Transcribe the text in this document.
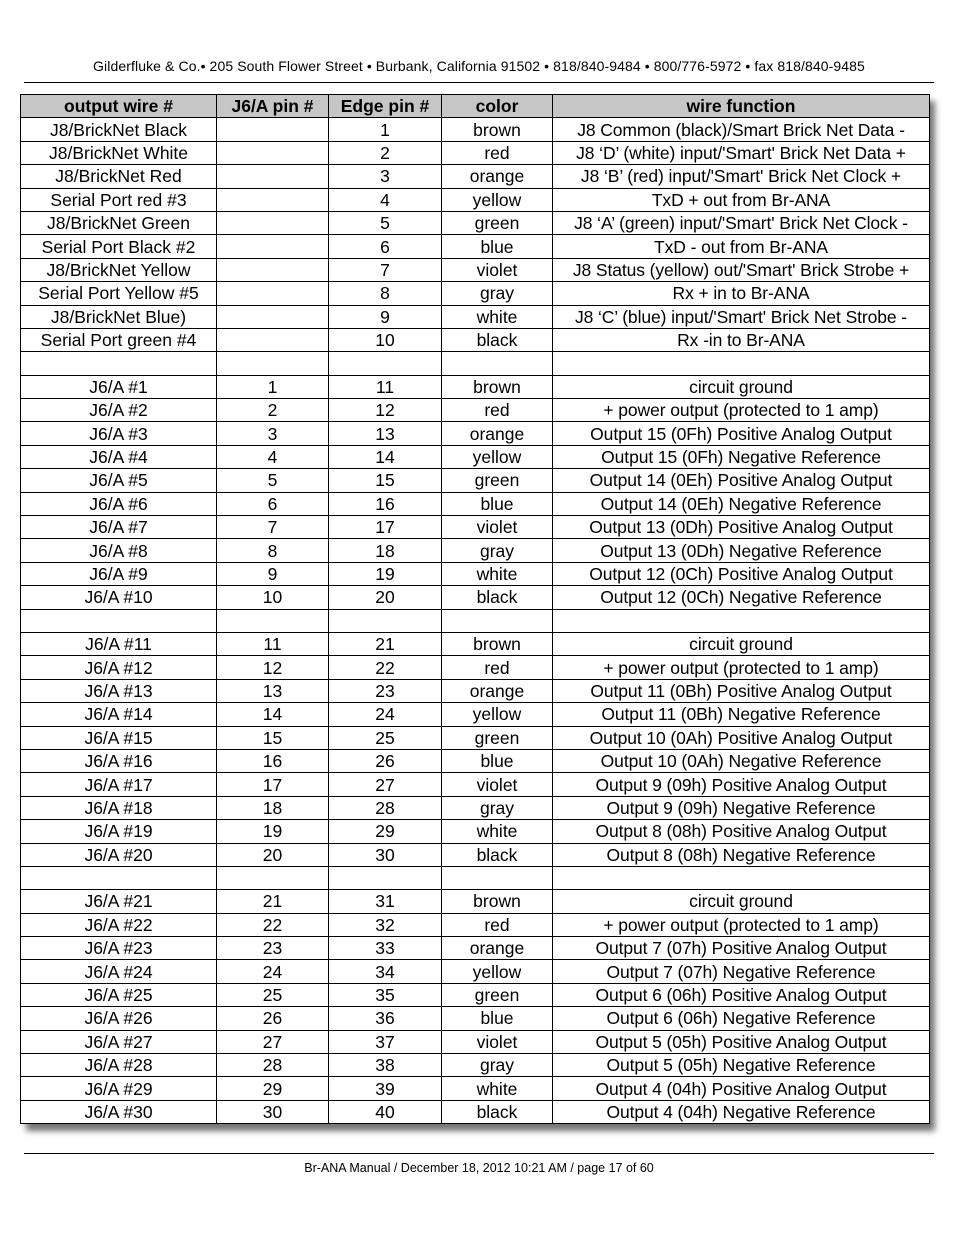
Gilderfluke & Co.• 205 South Flower Street • Burbank, California 91502 • 818/840-9484 • 800/776-5972 • fax 818/840-9485
output wire #	J6/A pin #	Edge pin #	color	wire function
J8/BrickNet Black		1	brown	J8 Common (black)/Smart Brick Net Data -
J8/BrickNet White		2	red	J8 ‘D’ (white) input/'Smart' Brick Net Data +
J8/BrickNet Red		3	orange	J8 ‘B’ (red) input/'Smart' Brick Net Clock +
Serial Port red #3		4	yellow	TxD + out from Br-ANA
J8/BrickNet Green		5	green	J8 ‘A’ (green) input/'Smart' Brick Net Clock -
Serial Port Black #2		6	blue	TxD - out from Br-ANA
J8/BrickNet Yellow		7	violet	J8 Status (yellow) out/'Smart' Brick Strobe +
Serial Port Yellow #5		8	gray	Rx + in to Br-ANA
J8/BrickNet Blue)		9	white	J8 ‘C’ (blue) input/'Smart' Brick Net Strobe -
Serial Port green #4		10	black	Rx -in to Br-ANA

J6/A #1	1	11	brown	circuit ground
J6/A #2	2	12	red	+ power output (protected to 1 amp)
J6/A #3	3	13	orange	Output 15 (0Fh) Positive Analog Output
J6/A #4	4	14	yellow	Output 15 (0Fh) Negative Reference
J6/A #5	5	15	green	Output 14 (0Eh) Positive Analog Output
J6/A #6	6	16	blue	Output 14 (0Eh) Negative Reference
J6/A #7	7	17	violet	Output 13 (0Dh) Positive Analog Output
J6/A #8	8	18	gray	Output 13 (0Dh) Negative Reference
J6/A #9	9	19	white	Output 12 (0Ch) Positive Analog Output
J6/A #10	10	20	black	Output 12 (0Ch) Negative Reference

J6/A #11	11	21	brown	circuit ground
J6/A #12	12	22	red	+ power output (protected to 1 amp)
J6/A #13	13	23	orange	Output 11 (0Bh) Positive Analog Output
J6/A #14	14	24	yellow	Output 11 (0Bh) Negative Reference
J6/A #15	15	25	green	Output 10 (0Ah) Positive Analog Output
J6/A #16	16	26	blue	Output 10 (0Ah) Negative Reference
J6/A #17	17	27	violet	Output 9 (09h) Positive Analog Output
J6/A #18	18	28	gray	Output 9 (09h) Negative Reference
J6/A #19	19	29	white	Output 8 (08h) Positive Analog Output
J6/A #20	20	30	black	Output 8 (08h) Negative Reference

J6/A #21	21	31	brown	circuit ground
J6/A #22	22	32	red	+ power output (protected to 1 amp)
J6/A #23	23	33	orange	Output 7 (07h) Positive Analog Output
J6/A #24	24	34	yellow	Output 7 (07h) Negative Reference
J6/A #25	25	35	green	Output 6 (06h) Positive Analog Output
J6/A #26	26	36	blue	Output 6 (06h) Negative Reference
J6/A #27	27	37	violet	Output 5 (05h) Positive Analog Output
J6/A #28	28	38	gray	Output 5 (05h) Negative Reference
J6/A #29	29	39	white	Output 4 (04h) Positive Analog Output
J6/A #30	30	40	black	Output 4 (04h) Negative Reference
Br-ANA Manual / December 18, 2012 10:21 AM / page 17 of 60
